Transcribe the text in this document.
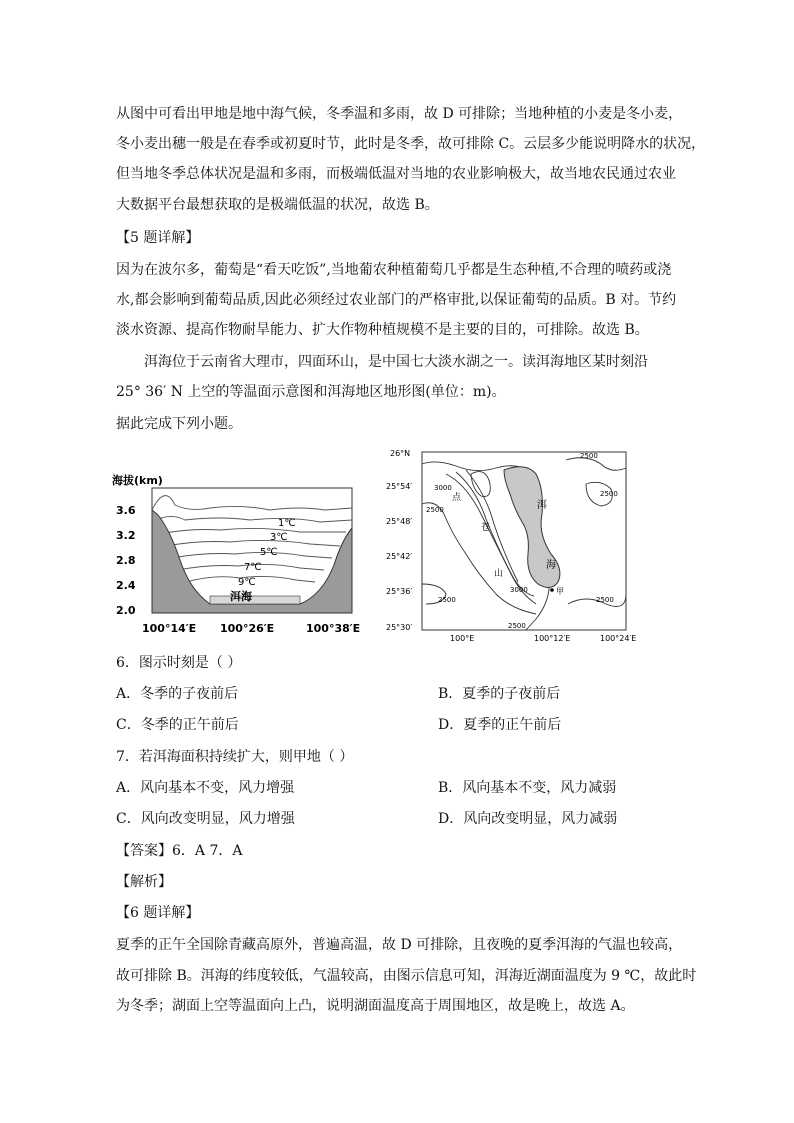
从图中可看出甲地是地中海气候，冬季温和多雨，故 D 可排除；当地种植的小麦是冬小麦，
冬小麦出穗一般是在春季或初夏时节，此时是冬季，故可排除 C。云层多少能说明降水的状况，
但当地冬季总体状况是温和多雨，而极端低温对当地的农业影响极大，故当地农民通过农业
大数据平台最想获取的是极端低温的状况，故选 B。
【5 题详解】
因为在波尔多，葡萄是“看天吃饭”,当地葡农种植葡萄几乎都是生态种植,不合理的喷药或浇
水,都会影响到葡萄品质,因此必须经过农业部门的严格审批,以保证葡萄的品质。B 对。节约
淡水资源、提高作物耐旱能力、扩大作物种植规模不是主要的目的，可排除。故选 B。
洱海位于云南省大理市，四面环山，是中国七大淡水湖之一。读洱海地区某时刻沿
25° 36′ N 上空的等温面示意图和洱海地区地形图(单位：m)。
据此完成下列小题。
海拔(km)
洱海
1℃
3℃
5℃
7℃
9℃
3.6
3.2
2.8
2.4
2.0
100°14′E 100°26′E	100°38′E
洱
海
点
苍
山
3000
2500
2500
2500
2500
2500
3000
2500
甲
26°N
25°54′
25°48′
25°42′
25°36′
25°30′
100°E	100°12′E	100°24′E
6．图示时刻是（ ）
A．冬季的子夜前后	B．夏季的子夜前后
C．冬季的正午前后	D．夏季的正午前后
7．若洱海面积持续扩大，则甲地（ ）
A．风向基本不变，风力增强	B．风向基本不变，风力减弱
C．风向改变明显，风力增强	D．风向改变明显，风力减弱
【答案】6．A 7．A
【解析】
【6 题详解】
夏季的正午全国除青藏高原外，普遍高温，故 D 可排除，且夜晚的夏季洱海的气温也较高，
故可排除 B。洱海的纬度较低，气温较高，由图示信息可知，洱海近湖面温度为 9 ℃，故此时
为冬季；湖面上空等温面向上凸，说明湖面温度高于周围地区，故是晚上，故选 A。
